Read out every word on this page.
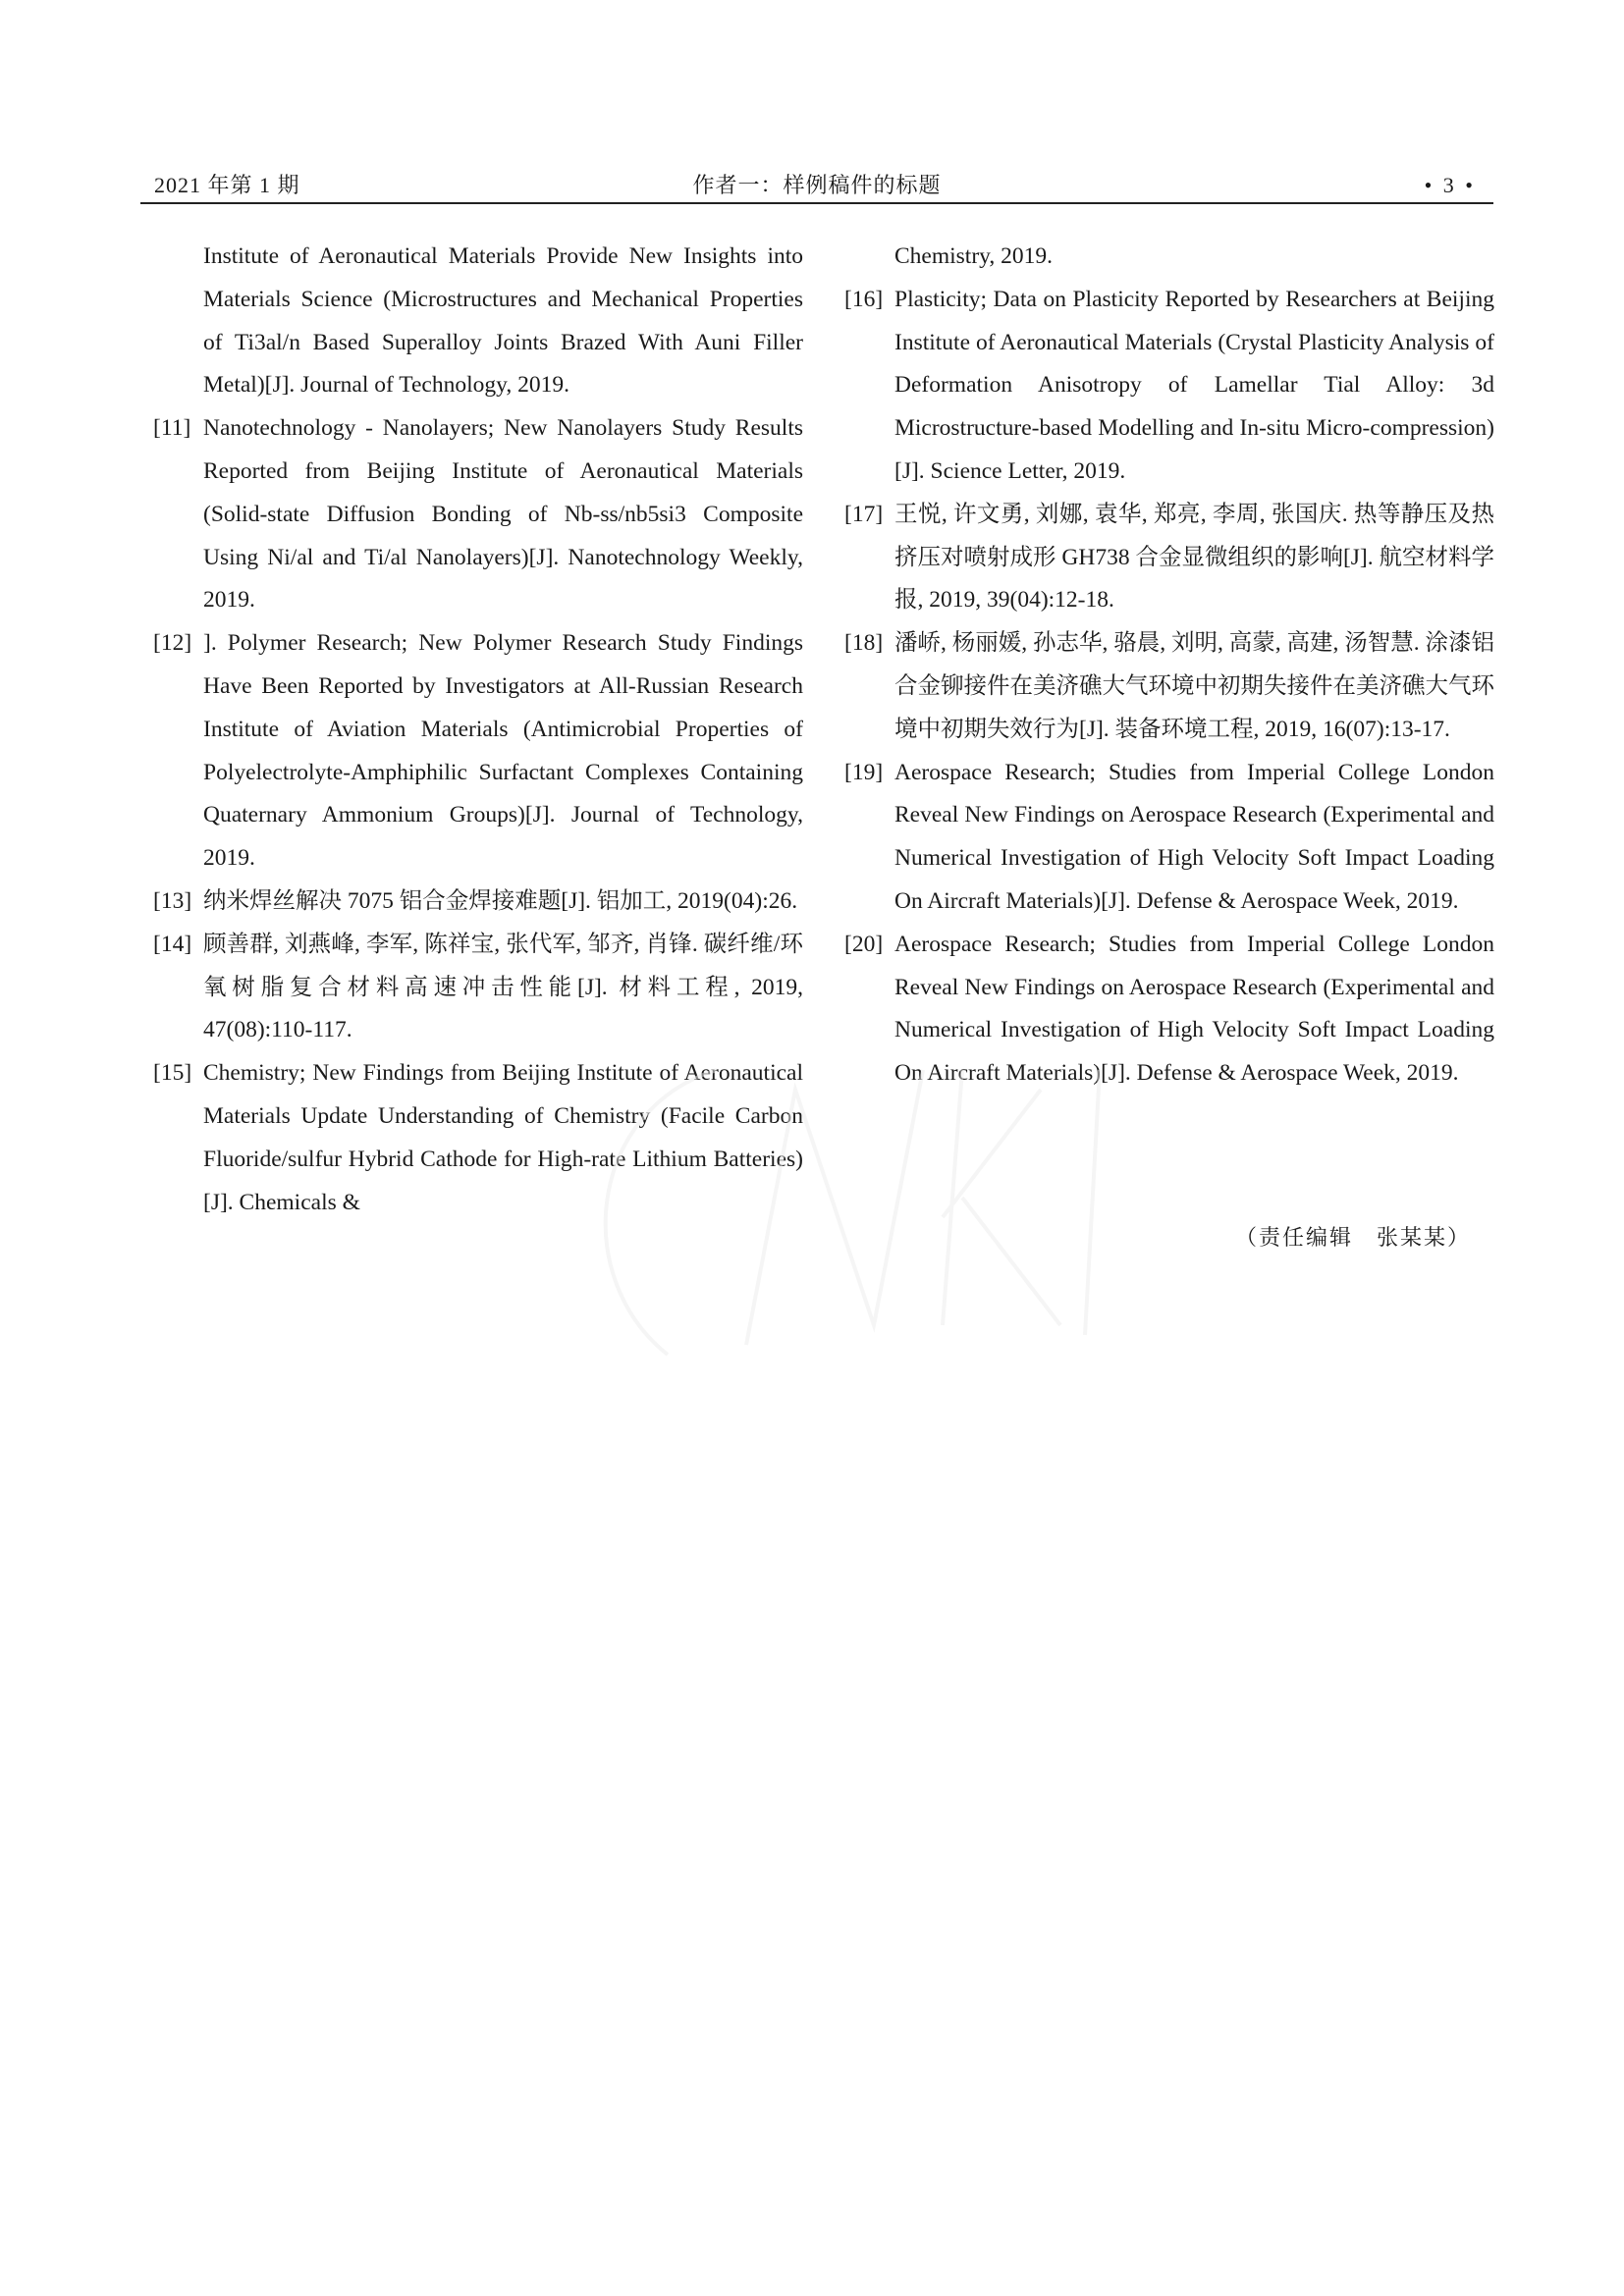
2021 年第 1 期	作者一：样例稿件的标题	• 3 •
Institute of Aeronautical Materials Provide New Insights into Materials Science (Microstructures and Mechanical Properties of Ti3al/n Based Superalloy Joints Brazed With Auni Filler Metal)[J]. Journal of Technology, 2019.
[11] Nanotechnology - Nanolayers; New Nanolayers Study Results Reported from Beijing Institute of Aeronautical Materials (Solid-state Diffusion Bonding of Nb-ss/nb5si3 Composite Using Ni/al and Ti/al Nanolayers)[J]. Nanotechnology Weekly, 2019.
[12] ]. Polymer Research; New Polymer Research Study Findings Have Been Reported by Investigators at All-Russian Research Institute of Aviation Materials (Antimicrobial Properties of Polyelectrolyte-Amphiphilic Surfactant Complexes Containing Quaternary Ammonium Groups)[J]. Journal of Technology, 2019.
[13] 纳米焊丝解决 7075 铝合金焊接难题[J]. 铝加工, 2019(04):26.
[14] 顾善群, 刘燕峰, 李军, 陈祥宝, 张代军, 邹齐, 肖锋. 碳纤维/环氧树脂复合材料高速冲击性能[J]. 材料工程, 2019, 47(08):110-117.
[15] Chemistry; New Findings from Beijing Institute of Aeronautical Materials Update Understanding of Chemistry (Facile Carbon Fluoride/sulfur Hybrid Cathode for High-rate Lithium Batteries)[J]. Chemicals &
Chemistry, 2019.
[16] Plasticity; Data on Plasticity Reported by Researchers at Beijing Institute of Aeronautical Materials (Crystal Plasticity Analysis of Deformation Anisotropy of Lamellar Tial Alloy: 3d Microstructure-based Modelling and In-situ Micro-compression)[J]. Science Letter, 2019.
[17] 王悦, 许文勇, 刘娜, 袁华, 郑亮, 李周, 张国庆. 热等静压及热挤压对喷射成形 GH738 合金显微组织的影响[J]. 航空材料学报, 2019, 39(04):12-18.
[18] 潘峤, 杨丽媛, 孙志华, 骆晨, 刘明, 高蒙, 高建, 汤智慧. 涂漆铝合金铆接件在美济礁大气环境中初期失接件在美济礁大气环境中初期失效行为[J]. 装备环境工程, 2019, 16(07):13-17.
[19] Aerospace Research; Studies from Imperial College London Reveal New Findings on Aerospace Research (Experimental and Numerical Investigation of High Velocity Soft Impact Loading On Aircraft Materials)[J]. Defense & Aerospace Week, 2019.
[20] Aerospace Research; Studies from Imperial College London Reveal New Findings on Aerospace Research (Experimental and Numerical Investigation of High Velocity Soft Impact Loading On Aircraft Materials)[J]. Defense & Aerospace Week, 2019.
（责任编辑　张某某）
